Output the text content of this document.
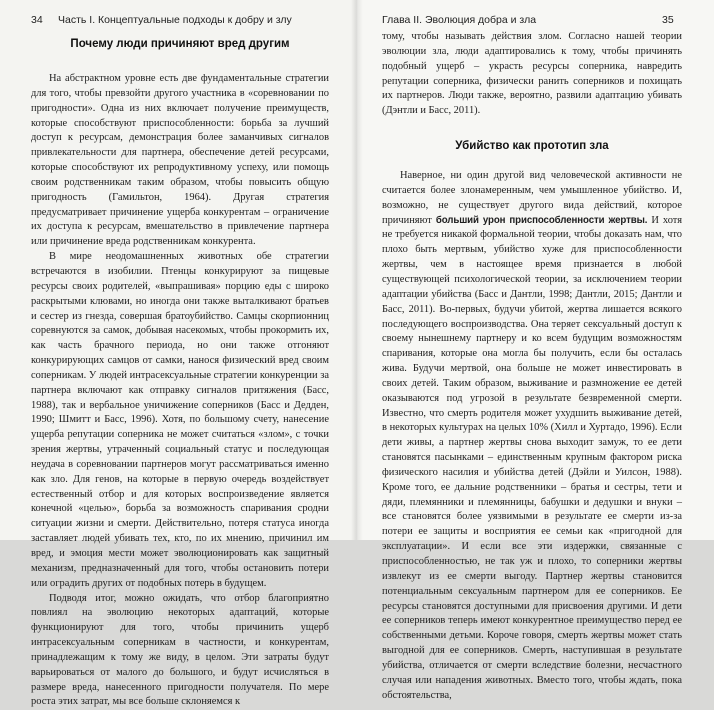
34 Часть I. Концептуальные подходы к добру и злу
Почему люди причиняют вред другим

На абстрактном уровне есть две фундаментальные стратегии для того, чтобы превзойти другого участника в «соревновании по пригодности». Одна из них включает получение преимуществ, которые способствуют приспособленности: борьба за лучший доступ к ресурсам, демонстрация более заманчивых сигналов привлекательности для партнера, обеспечение детей ресурсами, которые способствуют их репродуктивному успеху, или помощь своим родственникам таким образом, чтобы повысить общую пригодность (Гамильтон, 1964). Другая стратегия предусматривает причинение ущерба конкурентам – ограничение их доступа к ресурсам, вмешательство в привлечение партнера или причинение вреда родственникам конкурента.

В мире неодомашненных животных обе стратегии встречаются в изобилии. Птенцы конкурируют за пищевые ресурсы своих родителей, «выпрашивая» порцию еды с широко раскрытыми клювами, но иногда они также выталкивают братьев и сестер из гнезда, совершая братоубийство. Самцы скорпионниц соревнуются за самок, добывая насекомых, чтобы прокормить их, как часть брачного периода, но они также отгоняют конкурирующих самцов от самки, нанося физический вред своим соперникам. У людей интрасексуальные стратегии конкуренции за партнера включают как отправку сигналов притяжения (Басс, 1988), так и вербальное уничижение соперников (Басс и Дедден, 1990; Шмитт и Басс, 1996). Хотя, по большому счету, нанесение ущерба репутации соперника не может считаться «злом», с точки зрения жертвы, утраченный социальный статус и последующая неудача в соревновании партнеров могут рассматриваться именно как зло. Для генов, на которые в первую очередь воздействует естественный отбор и для которых воспроизведение является конечной «целью», борьба за возможность спаривания сродни ситуации жизни и смерти. Действительно, потеря статуса иногда заставляет людей убивать тех, кто, по их мнению, причинил им вред, и эмоция мести может эволюционировать как защитный механизм, предназначенный для того, чтобы остановить потери или оградить других от подобных потерь в будущем.

Подводя итог, можно ожидать, что отбор благоприятно повлиял на эволюцию некоторых адаптаций, которые функционируют для того, чтобы причинить ущерб интрасексуальным соперникам в частности, и конкурентам, принадлежащим к тому же виду, в целом. Эти затраты будут варьироваться от малого до большого, и будут исчисляться в размере вреда, нанесенного пригодности получателя. По мере роста этих затрат, мы все больше склоняемся к

Глава II. Эволюция добра и зла	35

тому, чтобы называть действия злом. Согласно нашей теории эволюции зла, люди адаптировались к тому, чтобы причинять подобный ущерб – украсть ресурсы соперника, навредить репутации соперника, физически ранить соперников и похищать их партнеров. Люди также, вероятно, развили адаптацию убивать (Дэнтли и Басс, 2011).

Убийство как прототип зла

Наверное, ни один другой вид человеческой активности не считается более злонамеренным, чем умышленное убийство. И, возможно, не существует другого вида действий, которое причиняют больший урон приспособленности жертвы. И хотя не требуется никакой формальной теории, чтобы доказать нам, что плохо быть мертвым, убийство хуже для приспособленности жертвы, чем в настоящее время признается в любой существующей психологической теории, за исключением теории адаптации убийства (Басс и Дантли, 1998; Дантли, 2015; Дантли и Басс, 2011). Во-первых, будучи убитой, жертва лишается всякого последующего воспроизводства. Она теряет сексуальный доступ к своему нынешнему партнеру и ко всем будущим возможностям спаривания, которые она могла бы получить, если бы осталась жива. Будучи мертвой, она больше не может инвестировать в своих детей. Таким образом, выживание и размножение ее детей оказываются под угрозой в результате безвременной смерти. Известно, что смерть родителя может ухудшить выживание детей, в некоторых культурах на целых 10% (Хилл и Хуртадо, 1996). Если дети живы, а партнер жертвы снова выходит замуж, то ее дети становятся пасынками – единственным крупным фактором риска физического насилия и убийства детей (Дэйли и Уилсон, 1988). Кроме того, ее дальние родственники – братья и сестры, тети и дяди, племянники и племянницы, бабушки и дедушки и внуки – все становятся более уязвимыми в результате ее смерти из-за потери ее защиты и восприятия ее семьи как «пригодной для эксплуатации». И если все эти издержки, связанные с приспособленностью, не так уж и плохо, то соперники жертвы извлекут из ее смерти выгоду. Партнер жертвы становится потенциальным сексуальным партнером для ее соперников. Ее ресурсы становятся доступными для присвоения другими. И дети ее соперников теперь имеют конкурентное преимущество перед ее собственными детьми. Короче говоря, смерть жертвы может стать выгодной для ее соперников. Смерть, наступившая в результате убийства, отличается от смерти вследствие болезни, несчастного случая или нападения животных. Вместо того, чтобы ждать, пока обстоятельства,
